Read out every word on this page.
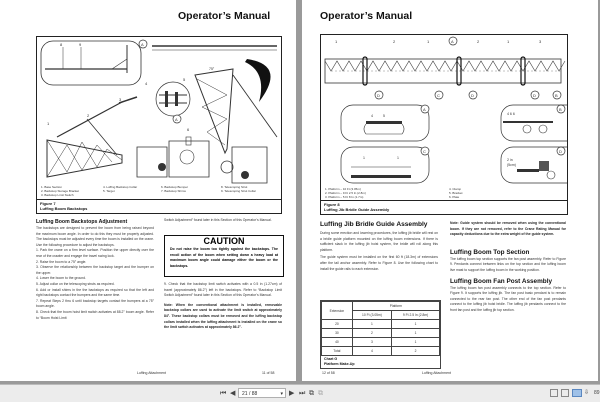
Operator’s Manual
8	9	A
4
5
1
2
3
A
6
75°
1. Base Section
2. Backstop Storage Bracket
3. Backstop Limit Switch
4. Luffing Backstop Collar
5. Target
6. Backstop Bumper
7. Backstop Shims
8. Telescoping Strut
9. Telescoping Strut Collar
Figure 7
Luffing Boom Backstops
Luffing Boom Backstops Adjustment
The backstops are designed to prevent the boom from being raised beyond the maximum boom angle. In order to do this they must be properly adjusted. The backstops must be adjusted every time the boom is installed on the crane. Use the following procedure to adjust the backstops.
1. Park the crane on a firm level surface. Position the upper directly over the rear of the crawler and engage the travel swing lock.
2. Raise the boom to a 75° angle.
3. Observe the relationship between the backstop target and the bumper on the upper.
4. Lower the boom to the ground.
5. Adjust collar on the telescoping struts as required.
6. Add or install shims in the the backstops as required so that the left and right backstops contact the bumpers and the same time.
7. Repeat Steps 2 thru 6 until backstop targets contact the bumpers at a 75° boom angle.
8. Check that the boom hoist limit switch activates at 88.2° boom angle. Refer to “Boom Hoist Limit
Switch Adjustment” found later in this Section of this Operator’s Manual.
CAUTION
Do not raise the boom too tightly against the backstops. The recoil action of the boom when setting down a heavy load at maximum boom angle could damage either the boom or the backstops.
9. Check that the backstop limit switch activates with a 0.5 in (1.27cm) of travel (approximately 86.2°) left in the backstops. Refer to “Backstop Limit Switch Adjustment” found later in this Section of this Operator’s Manual.
Note: When the conventional attachment is installed, removable backstop collars are used to activate the limit switch at approximately 84°. These backstop collars must be removed and the luffing backstop collars installed when the luffing attachment is installed on the crane so the limit switch activates at approximately 86.2°.
Luffing Attachment	11 of 58
Operator’s Manual
1	2	1	A	2	1	3
D	C	D	D	B
A	B
C	D
4	5	4 6 6
1	1	2 in
(5cm)
1. Platform – 10 Ft (3.05m)
2. Platform – 9 Ft 2.5 In (2.8m)
3. Platform – 5 Ft 8 In (1.7m)
4. Clamp
5. Bracket
6. Plate
Figure 8
Luffing Jib Bridle Guide Assembly
Luffing Jib Bridle Guide Assembly
During some erection and lowering procedures, the luffing jib bridle will rest on a bridle guide platform mounted on the luffing boom extensions. If there is sufficient slack in the luffing jib hoist system, the bridle will roll along this platform.
The guide system must be installed on the first 60 ft (18.3m) of extensions after the tail anchor assembly. Refer to Figure 8. Use the following chart to install the guide rails to each extension.
Extension	Platform	
	10 Ft (3.05m)	9 Ft 2.5 In (2.8m)
20	1	1
30	2	1
40	3	1
Total	4	2
Chart G
Platform Make-Up
Note: Guide system should be removed when using the conventional boom. If they are not removed, refer to the Crane Rating Manual for capacity deductions due to the extra weight of the guide system.
Luffing Boom Top Section
The luffing boom top section supports the fan post assembly. Refer to Figure 9. Pendants connect between links on the top section and the luffing boom live mast to support the luffing boom in the working position.
Luffing Boom Fan Post Assembly
The luffing boom fan post assembly connects to the top section. Refer to Figure 9. It supports the luffing jib. The fan post basic pendant is to remain connected to the rear fan post. The other end of the fan post pendants connect to the luffing jib hoist bridle. The luffing jib pendants connect to the front fan post and the luffing jib top section.
12 of 58	Luffing Attachment
⏮ ◀	21 / 88	▾ ▶ ⏭ ⧉ ⧉	⇩ 89
